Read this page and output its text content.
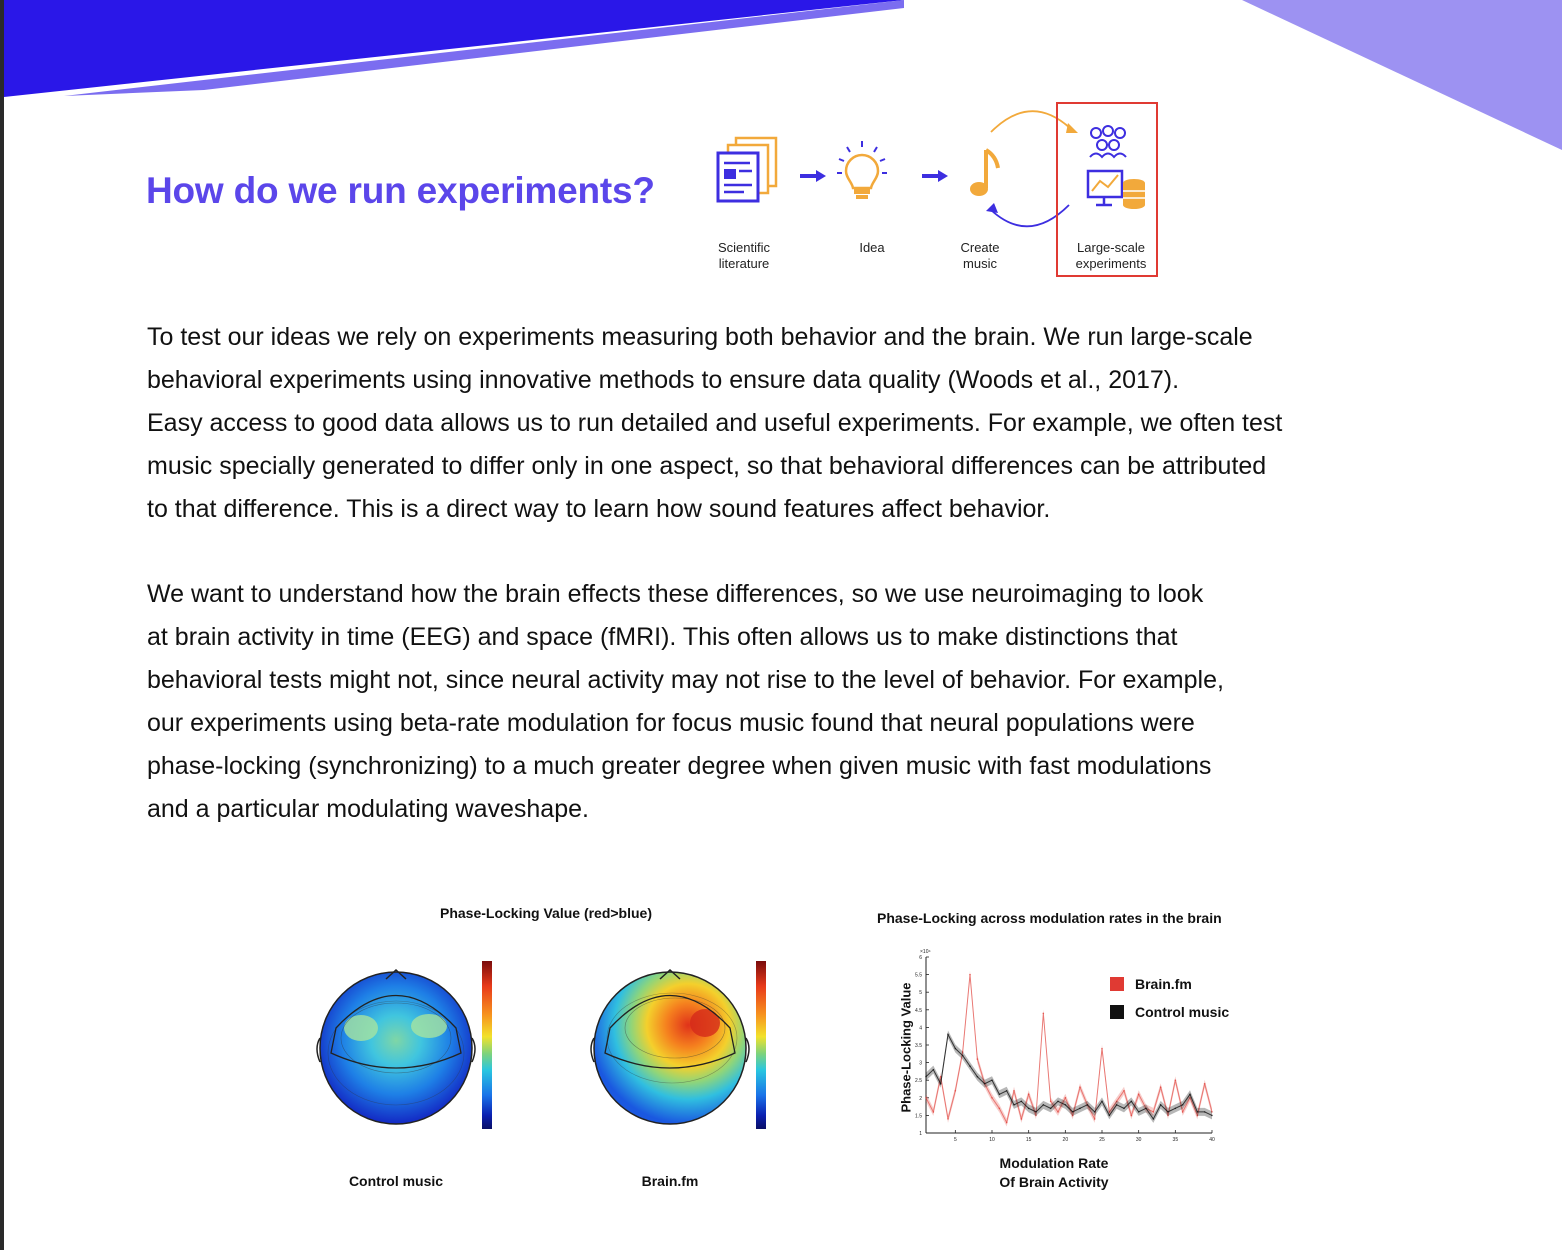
How do we run experiments?
Scientific
literature
Idea	Create
music
Large-scale
experiments

To test our ideas we rely on experiments measuring both behavior and the brain. We run large-scale
behavioral experiments using innovative methods to ensure data quality (Woods et al., 2017).
Easy access to good data allows us to run detailed and useful experiments. For example, we often test
music specially generated to differ only in one aspect, so that behavioral differences can be attributed
to that difference. This is a direct way to learn how sound features affect behavior.

We want to understand how the brain effects these differences, so we use neuroimaging to look
at brain activity in time (EEG) and space (fMRI). This often allows us to make distinctions that
behavioral tests might not, since neural activity may not rise to the level of behavior. For example,
our experiments using beta-rate modulation for focus music found that neural populations were
phase-locking (synchronizing) to a much greater degree when given music with fast modulations
and a particular modulating waveshape.

Phase-Locking Value (red>blue)
Control music	Brain.fm
Phase-Locking across modulation rates in the brain
Phase-Locking Value
1
1.5
2
2.5
3
3.5
4
4.5
5
5.5
6
×10⁴
5	10	15	20	25	30	35	40
Modulation Rate
Of Brain Activity
Brain.fm
Control music
